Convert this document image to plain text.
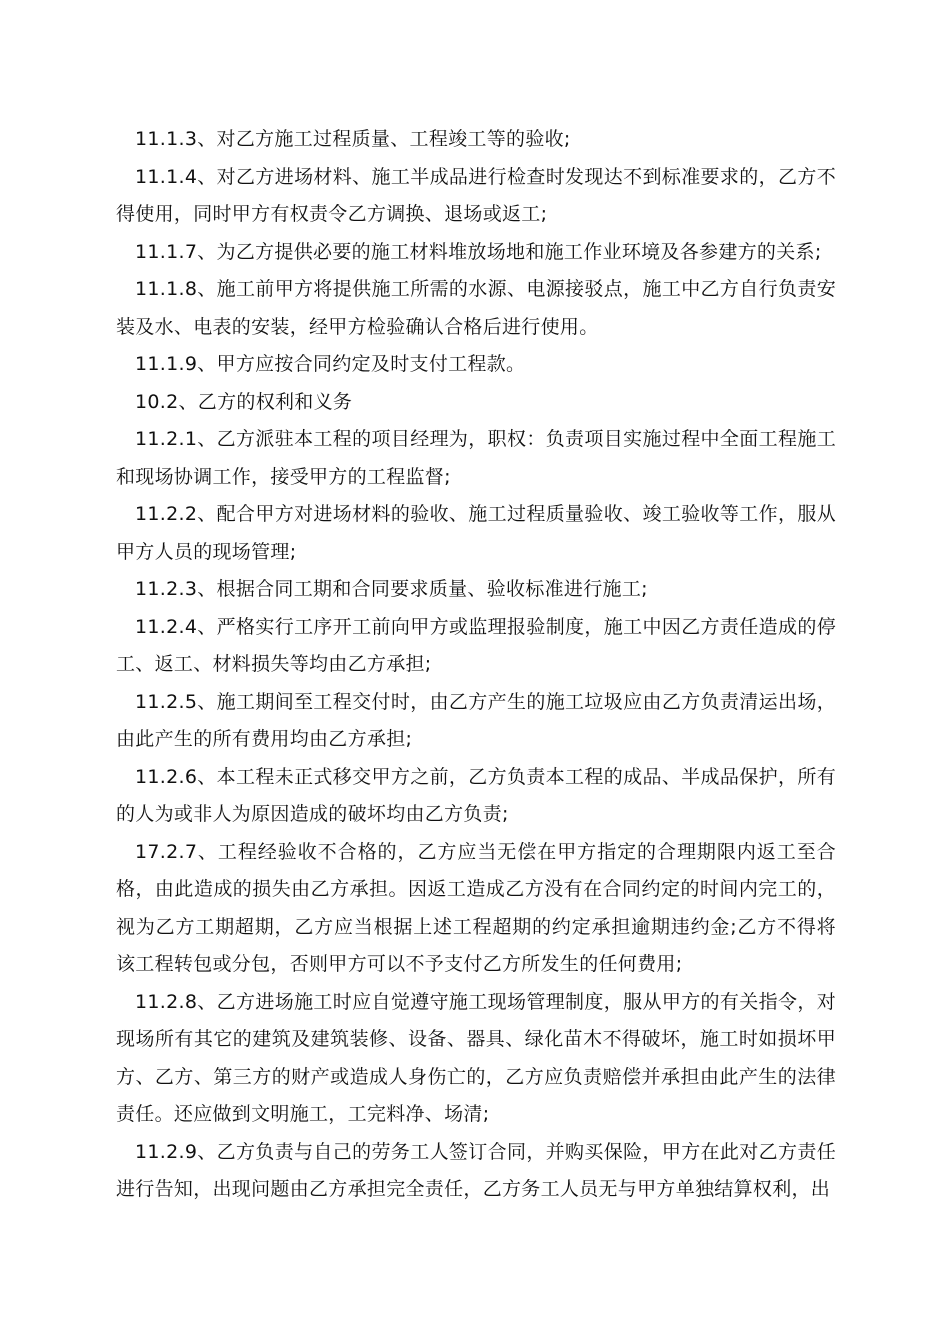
11.1.3、对乙方施工过程质量、工程竣工等的验收;

11.1.4、对乙方进场材料、施工半成品进行检查时发现达不到标准要求的，乙方不得使用，同时甲方有权责令乙方调换、退场或返工;

11.1.7、为乙方提供必要的施工材料堆放场地和施工作业环境及各参建方的关系;

11.1.8、施工前甲方将提供施工所需的水源、电源接驳点，施工中乙方自行负责安装及水、电表的安装，经甲方检验确认合格后进行使用。

11.1.9、甲方应按合同约定及时支付工程款。

10.2、乙方的权利和义务

11.2.1、乙方派驻本工程的项目经理为，职权：负责项目实施过程中全面工程施工和现场协调工作，接受甲方的工程监督;

11.2.2、配合甲方对进场材料的验收、施工过程质量验收、竣工验收等工作，服从甲方人员的现场管理;

11.2.3、根据合同工期和合同要求质量、验收标准进行施工;

11.2.4、严格实行工序开工前向甲方或监理报验制度，施工中因乙方责任造成的停工、返工、材料损失等均由乙方承担;

11.2.5、施工期间至工程交付时，由乙方产生的施工垃圾应由乙方负责清运出场，由此产生的所有费用均由乙方承担;

11.2.6、本工程未正式移交甲方之前，乙方负责本工程的成品、半成品保护，所有的人为或非人为原因造成的破坏均由乙方负责;

17.2.7、工程经验收不合格的，乙方应当无偿在甲方指定的合理期限内返工至合格，由此造成的损失由乙方承担。因返工造成乙方没有在合同约定的时间内完工的，视为乙方工期超期，乙方应当根据上述工程超期的约定承担逾期违约金;乙方不得将该工程转包或分包，否则甲方可以不予支付乙方所发生的任何费用;

11.2.8、乙方进场施工时应自觉遵守施工现场管理制度，服从甲方的有关指令，对现场所有其它的建筑及建筑装修、设备、器具、绿化苗木不得破坏，施工时如损坏甲方、乙方、第三方的财产或造成人身伤亡的，乙方应负责赔偿并承担由此产生的法律责任。还应做到文明施工，工完料净、场清;

11.2.9、乙方负责与自己的劳务工人签订合同，并购买保险，甲方在此对乙方责任进行告知，出现问题由乙方承担完全责任，乙方务工人员无与甲方单独结算权利，出
